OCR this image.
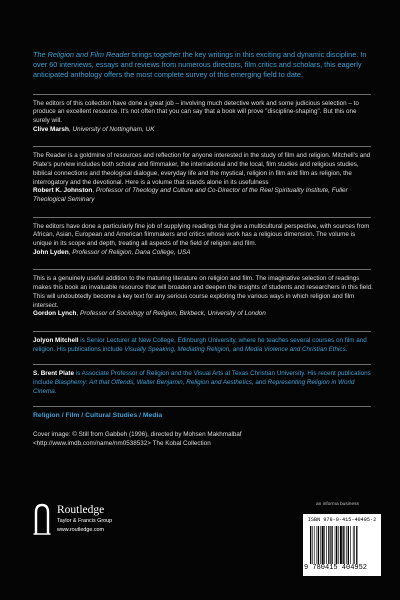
The Religion and Film Reader brings together the key writings in this exciting and dynamic discipline. In over 60 interviews, essays and reviews from numerous directors, film critics and scholars, this eagerly anticipated anthology offers the most complete survey of this emerging field to date.

The editors of this collection have done a great job – involving much detective work and some judicious selection – to produce an excellent resource. It's not often that you can say that a book will prove "discipline-shaping". But this one surely will.
Clive Marsh, University of Nottingham, UK

The Reader is a goldmine of resources and reflection for anyone interested in the study of film and religion. Mitchell's and Plate's purview includes both scholar and filmmaker, the international and the local, film studies and religious studies, biblical connections and theological dialogue, everyday life and the mystical, religion in film and film as religion, the interrogatory and the devotional. Here is a volume that stands alone in its usefulness
Robert K. Johnston, Professor of Theology and Culture and Co-Director of the Reel Spirituality Institute, Fuller Theological Seminary

The editors have done a particularly fine job of supplying readings that give a multicultural perspective, with sources from African, Asian, European and American filmmakers and critics whose work has a religious dimension. The volume is unique in its scope and depth, treating all aspects of the field of religion and film.
John Lyden, Professor of Religion, Dana College, USA

This is a genuinely useful addition to the maturing literature on religion and film. The imaginative selection of readings makes this book an invaluable resource that will broaden and deepen the insights of students and researchers in this field. This will undoubtedly become a key text for any serious course exploring the various ways in which religion and film intersect.
Gordon Lynch, Professor of Sociology of Religion, Birkbeck, University of London

Jolyon Mitchell is Senior Lecturer at New College, Edinburgh University, where he teaches several courses on film and religion. His publications include Visually Speaking, Mediating Religion, and Media Violence and Christian Ethics.

S. Brent Plate is Associate Professor of Religion and the Visual Arts at Texas Christian University. His recent publications include Blasphemy: Art that Offends, Walter Benjamin, Religion and Aesthetics, and Representing Religion in World Cinema.

Religion / Film / Cultural Studies / Media

Cover image: © Still from Gabbeh (1996), directed by Mohsen Makhmalbaf
<http://www.imdb.com/name/nm0538532> The Kobal Collection

Routledge
Taylor & Francis Group
www.routledge.com
an informa business
ISBN 978-0-415-40495-2
9 780415 404952
